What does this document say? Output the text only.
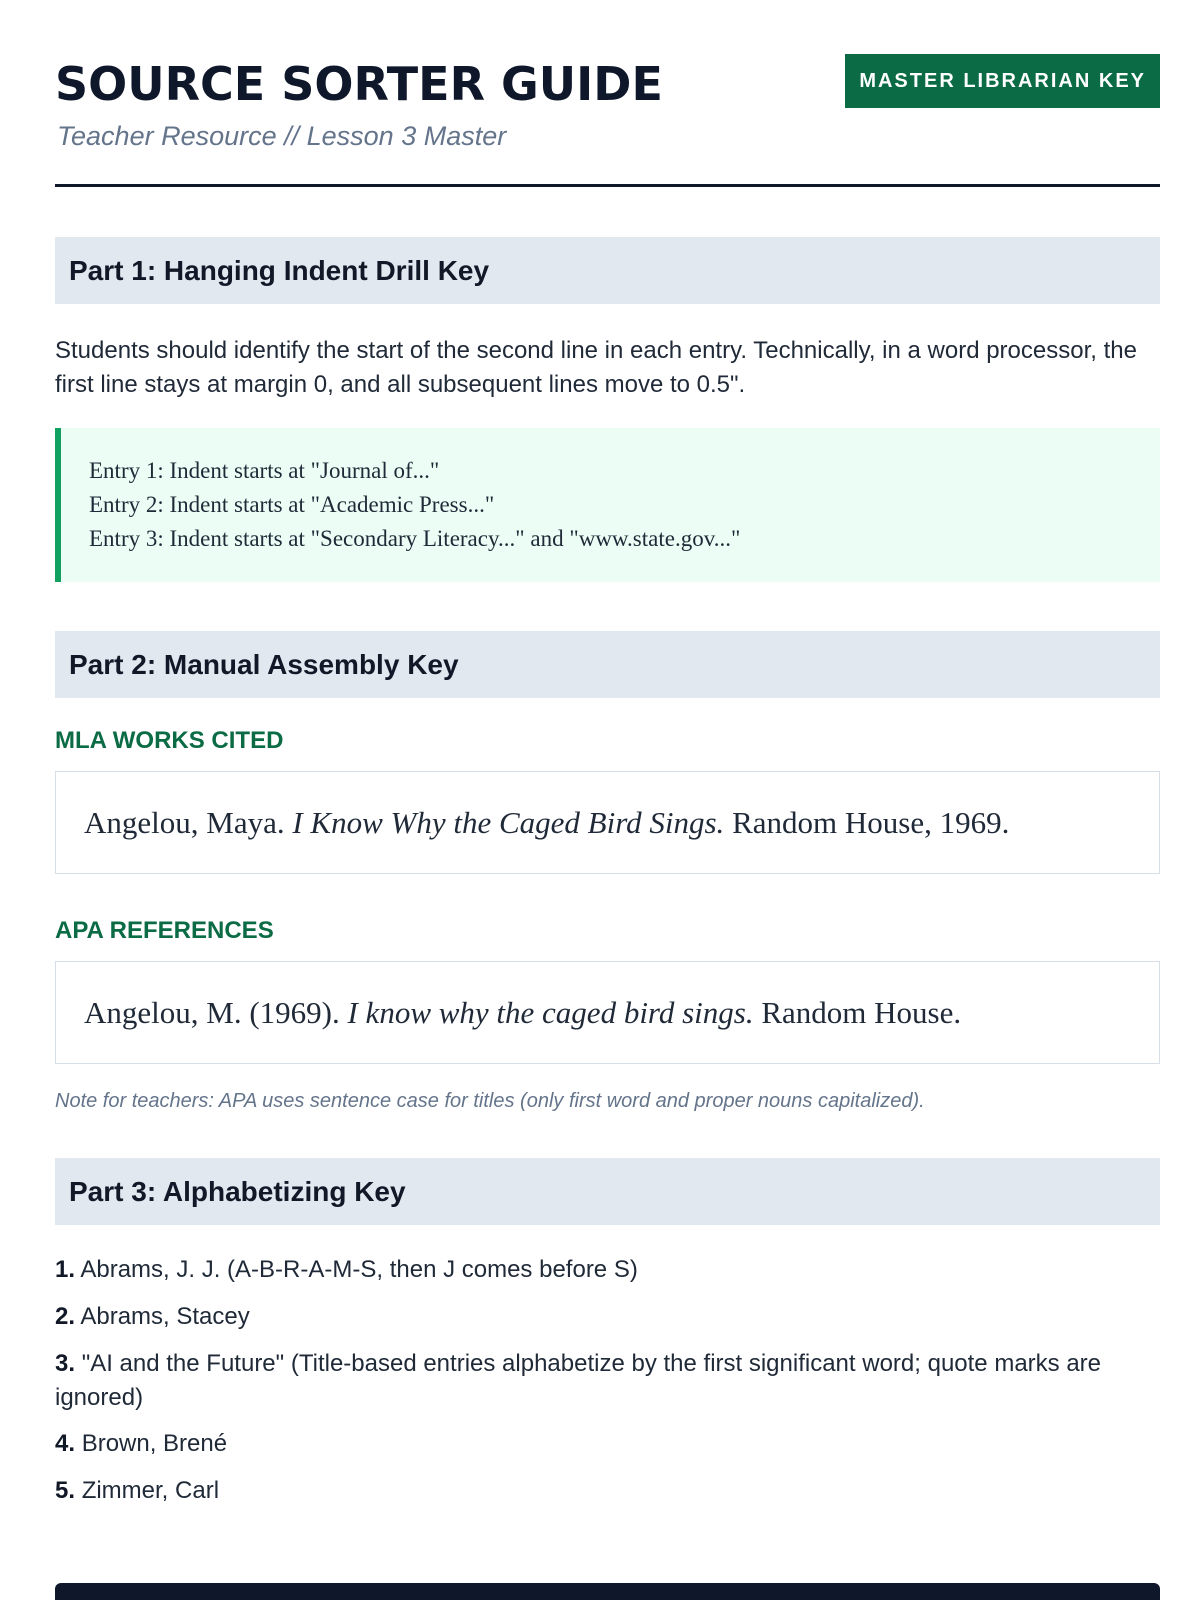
SOURCE SORTER GUIDE
Teacher Resource // Lesson 3 Master
MASTER LIBRARIAN KEY
Part 1: Hanging Indent Drill Key
Students should identify the start of the second line in each entry. Technically, in a word processor, the first line stays at margin 0, and all subsequent lines move to 0.5".
Entry 1: Indent starts at "Journal of..."
Entry 2: Indent starts at "Academic Press..."
Entry 3: Indent starts at "Secondary Literacy..." and "www.state.gov..."
Part 2: Manual Assembly Key
MLA WORKS CITED
Angelou, Maya. I Know Why the Caged Bird Sings. Random House, 1969.
APA REFERENCES
Angelou, M. (1969). I know why the caged bird sings. Random House.
Note for teachers: APA uses sentence case for titles (only first word and proper nouns capitalized).
Part 3: Alphabetizing Key
1. Abrams, J. J. (A-B-R-A-M-S, then J comes before S)
2. Abrams, Stacey
3. "AI and the Future" (Title-based entries alphabetize by the first significant word; quote marks are ignored)
4. Brown, Brené
5. Zimmer, Carl
